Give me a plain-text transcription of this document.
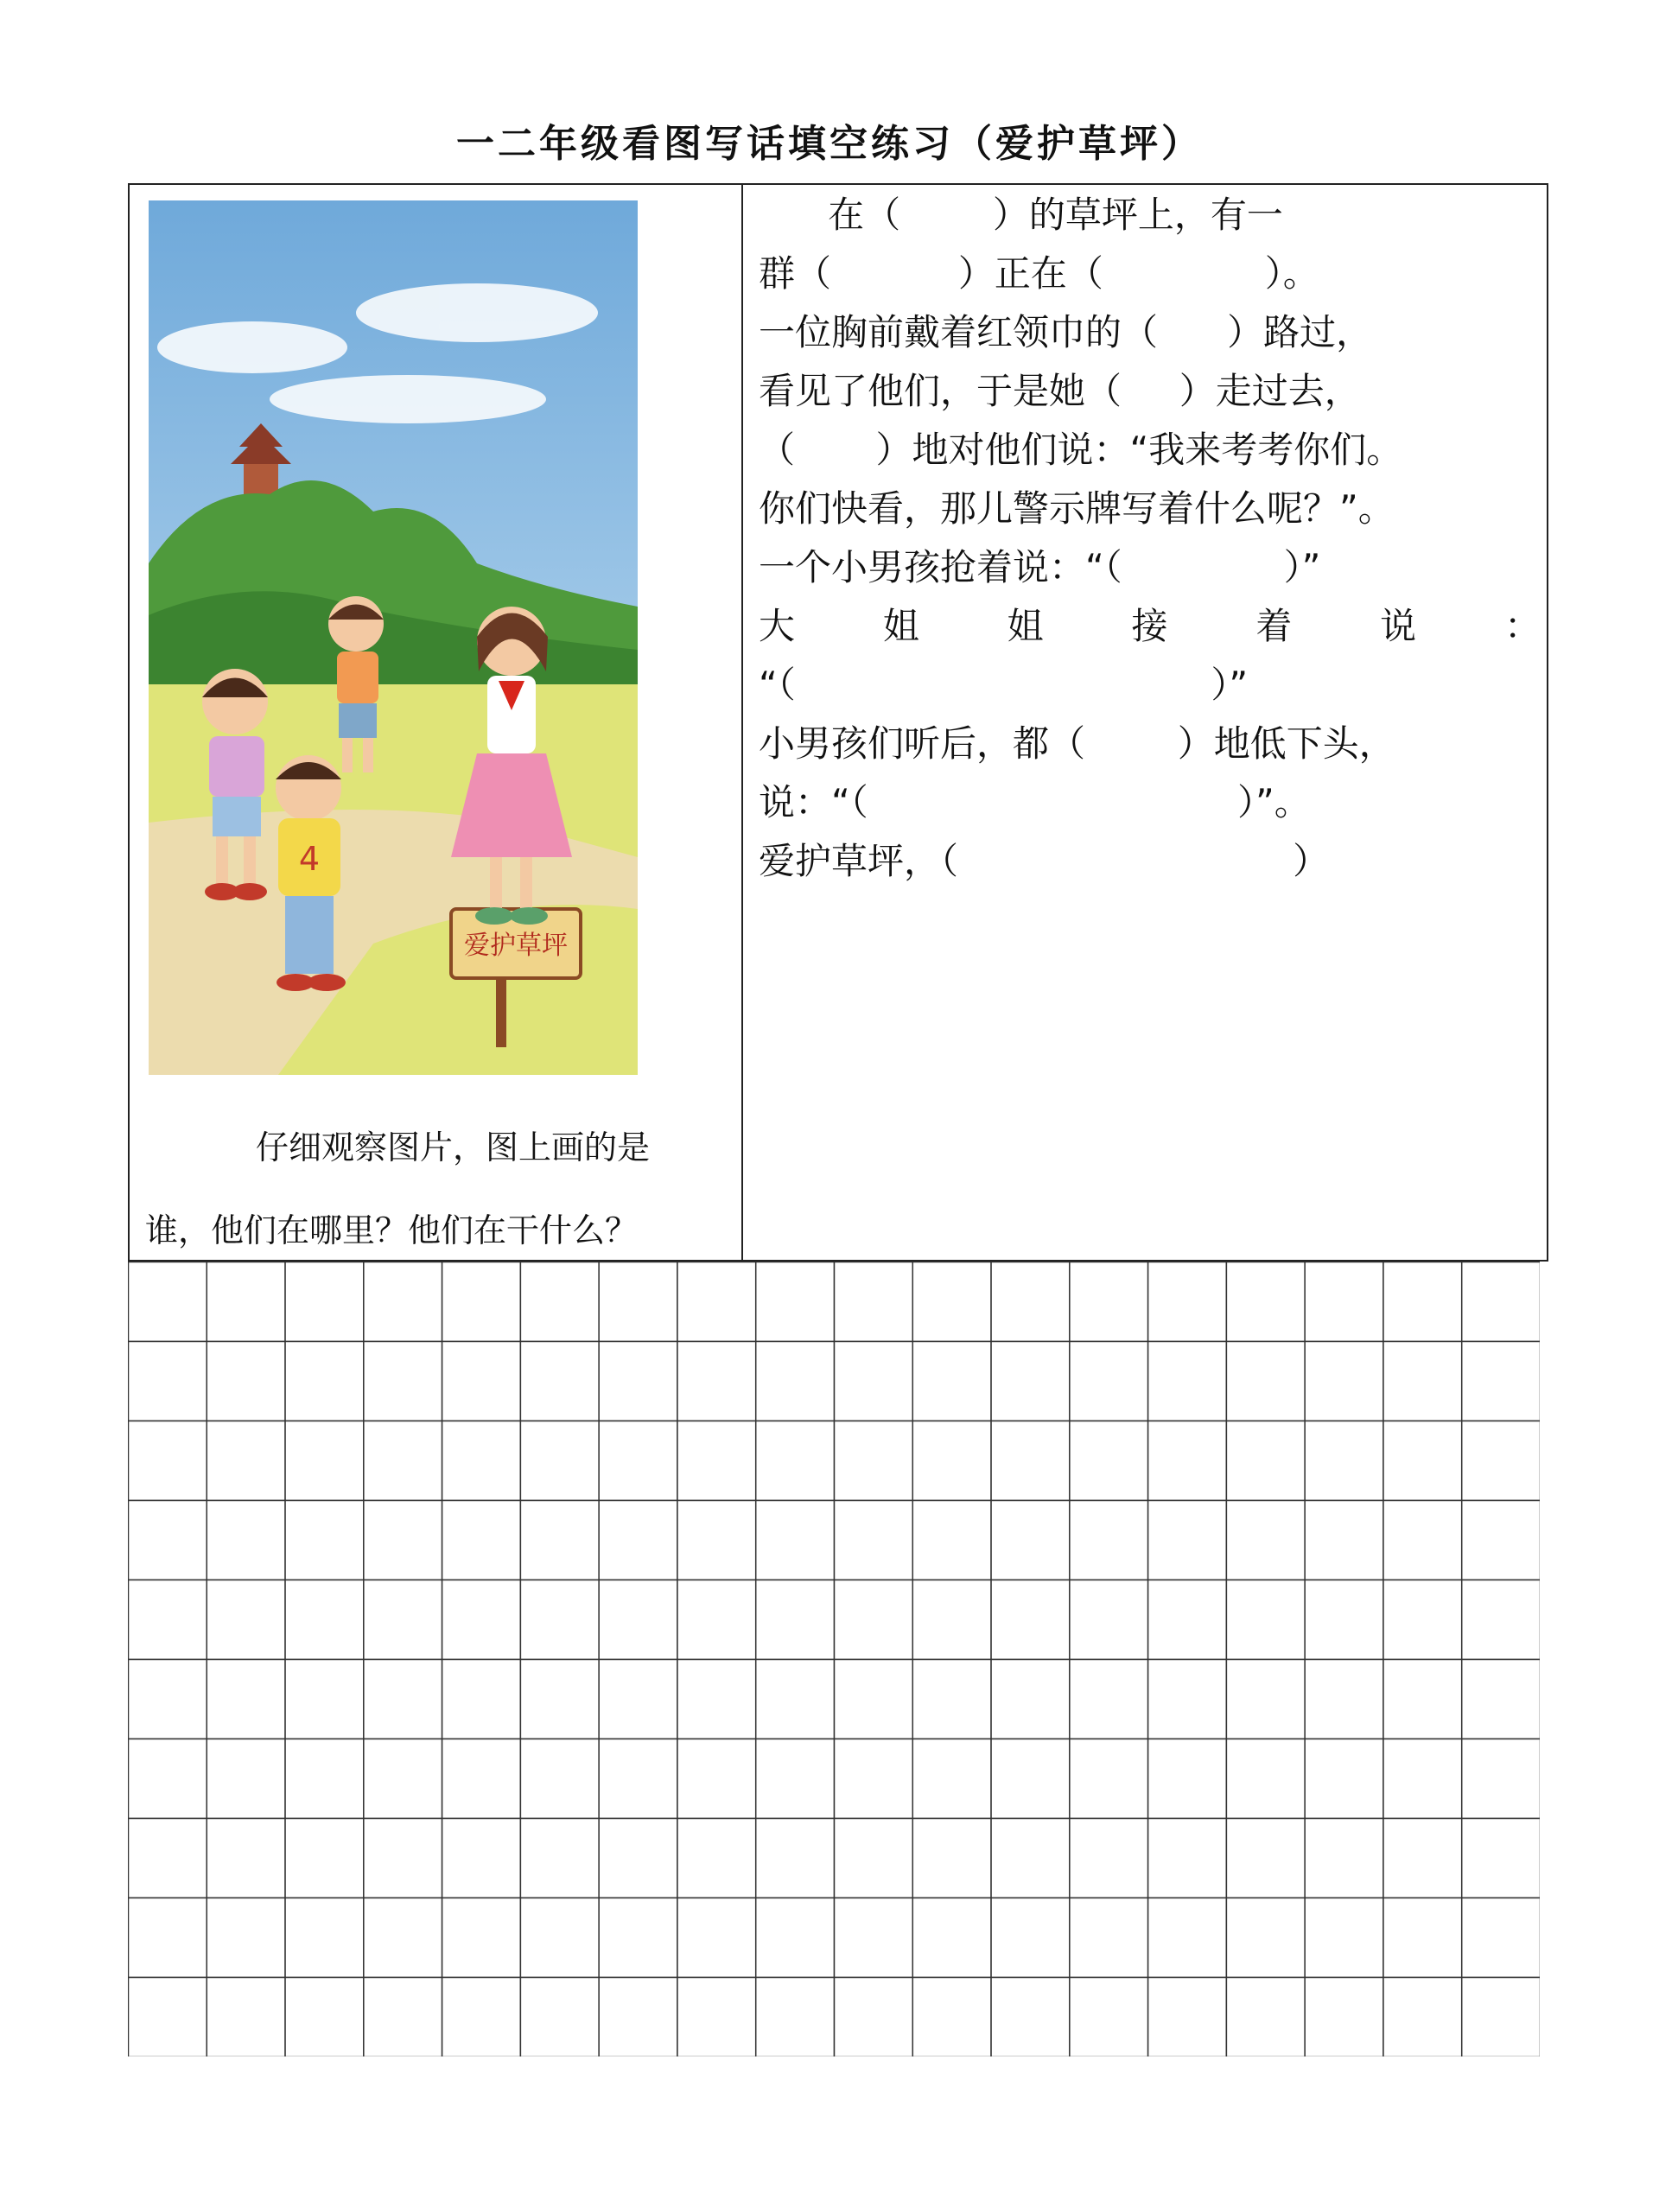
一二年级看图写话填空练习（爱护草坪）
爱护草坪
4
仔细观察图片，图上画的是
谁，他们在哪里？他们在干什么？
在（        ）的草坪上，有一
群（           ）正在（              ）。
一位胸前戴着红领巾的（      ）路过，
看见了他们，于是她（     ）走过去，
（       ）地对他们说：“我来考考你们。
你们快看，那儿警示牌写着什么呢？”。
一个小男孩抢着说：“（              ）”
大 姐 姐 接 着 说 ：
“（                                    ）”
小男孩们听后，都（        ）地低下头，
说：“（                                ）”。
爱护草坪，（                             ）
